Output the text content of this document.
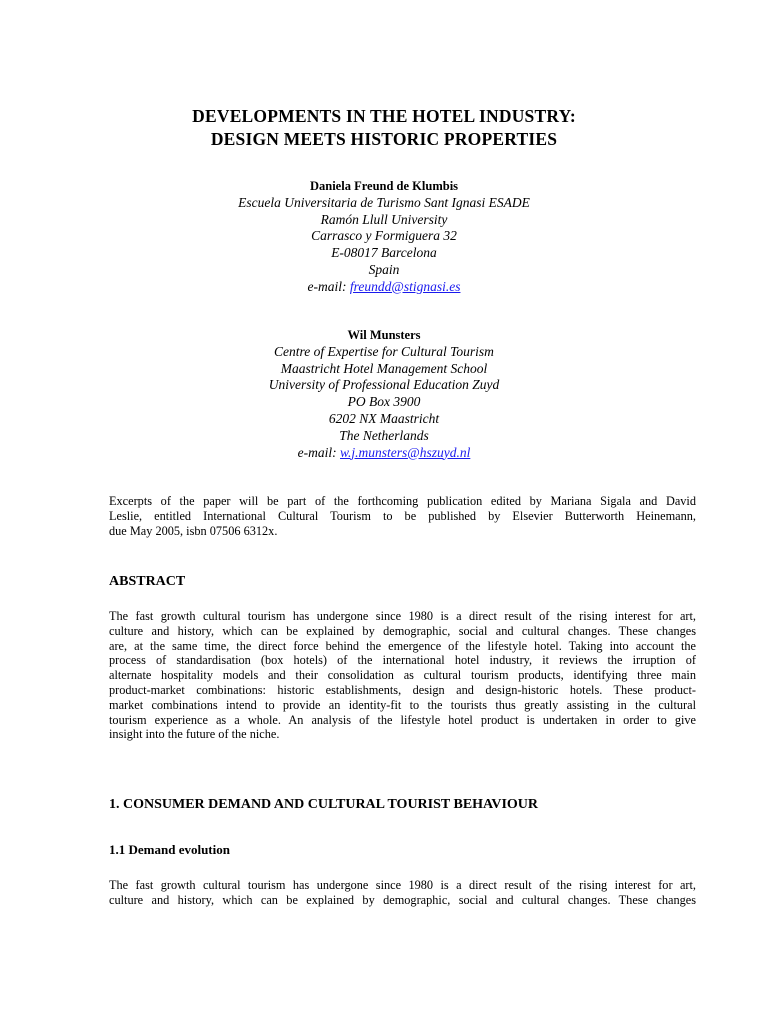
DEVELOPMENTS IN THE HOTEL INDUSTRY:
DESIGN MEETS HISTORIC PROPERTIES
Daniela Freund de Klumbis
Escuela Universitaria de Turismo Sant Ignasi ESADE
Ramón Llull University
Carrasco y Formiguera 32
E-08017 Barcelona
Spain
e-mail: freundd@stignasi.es
Wil Munsters
Centre of Expertise for Cultural Tourism
Maastricht Hotel Management School
University of Professional Education Zuyd
PO Box 3900
6202 NX Maastricht
The Netherlands
e-mail: w.j.munsters@hszuyd.nl
Excerpts of the paper will be part of the forthcoming publication edited by Mariana Sigala and David
Leslie, entitled International Cultural Tourism to be published by Elsevier Butterworth Heinemann,
due May 2005, isbn 07506 6312x.
ABSTRACT
The fast growth cultural tourism has undergone since 1980 is a direct result of the rising interest for art,
culture and history, which can be explained by demographic, social and cultural changes. These changes
are, at the same time, the direct force behind the emergence of the lifestyle hotel. Taking into account the
process of standardisation (box hotels) of the international hotel industry, it reviews the irruption of
alternate hospitality models and their consolidation as cultural tourism products, identifying three main
product-market combinations: historic establishments, design and design-historic hotels. These product-
market combinations intend to provide an identity-fit to the tourists thus greatly assisting in the cultural
tourism experience as a whole. An analysis of the lifestyle hotel product is undertaken in order to give
insight into the future of the niche.
1. CONSUMER DEMAND AND CULTURAL TOURIST BEHAVIOUR
1.1 Demand evolution
The fast growth cultural tourism has undergone since 1980 is a direct result of the rising interest for art,
culture and history, which can be explained by demographic, social and cultural changes. These changes
